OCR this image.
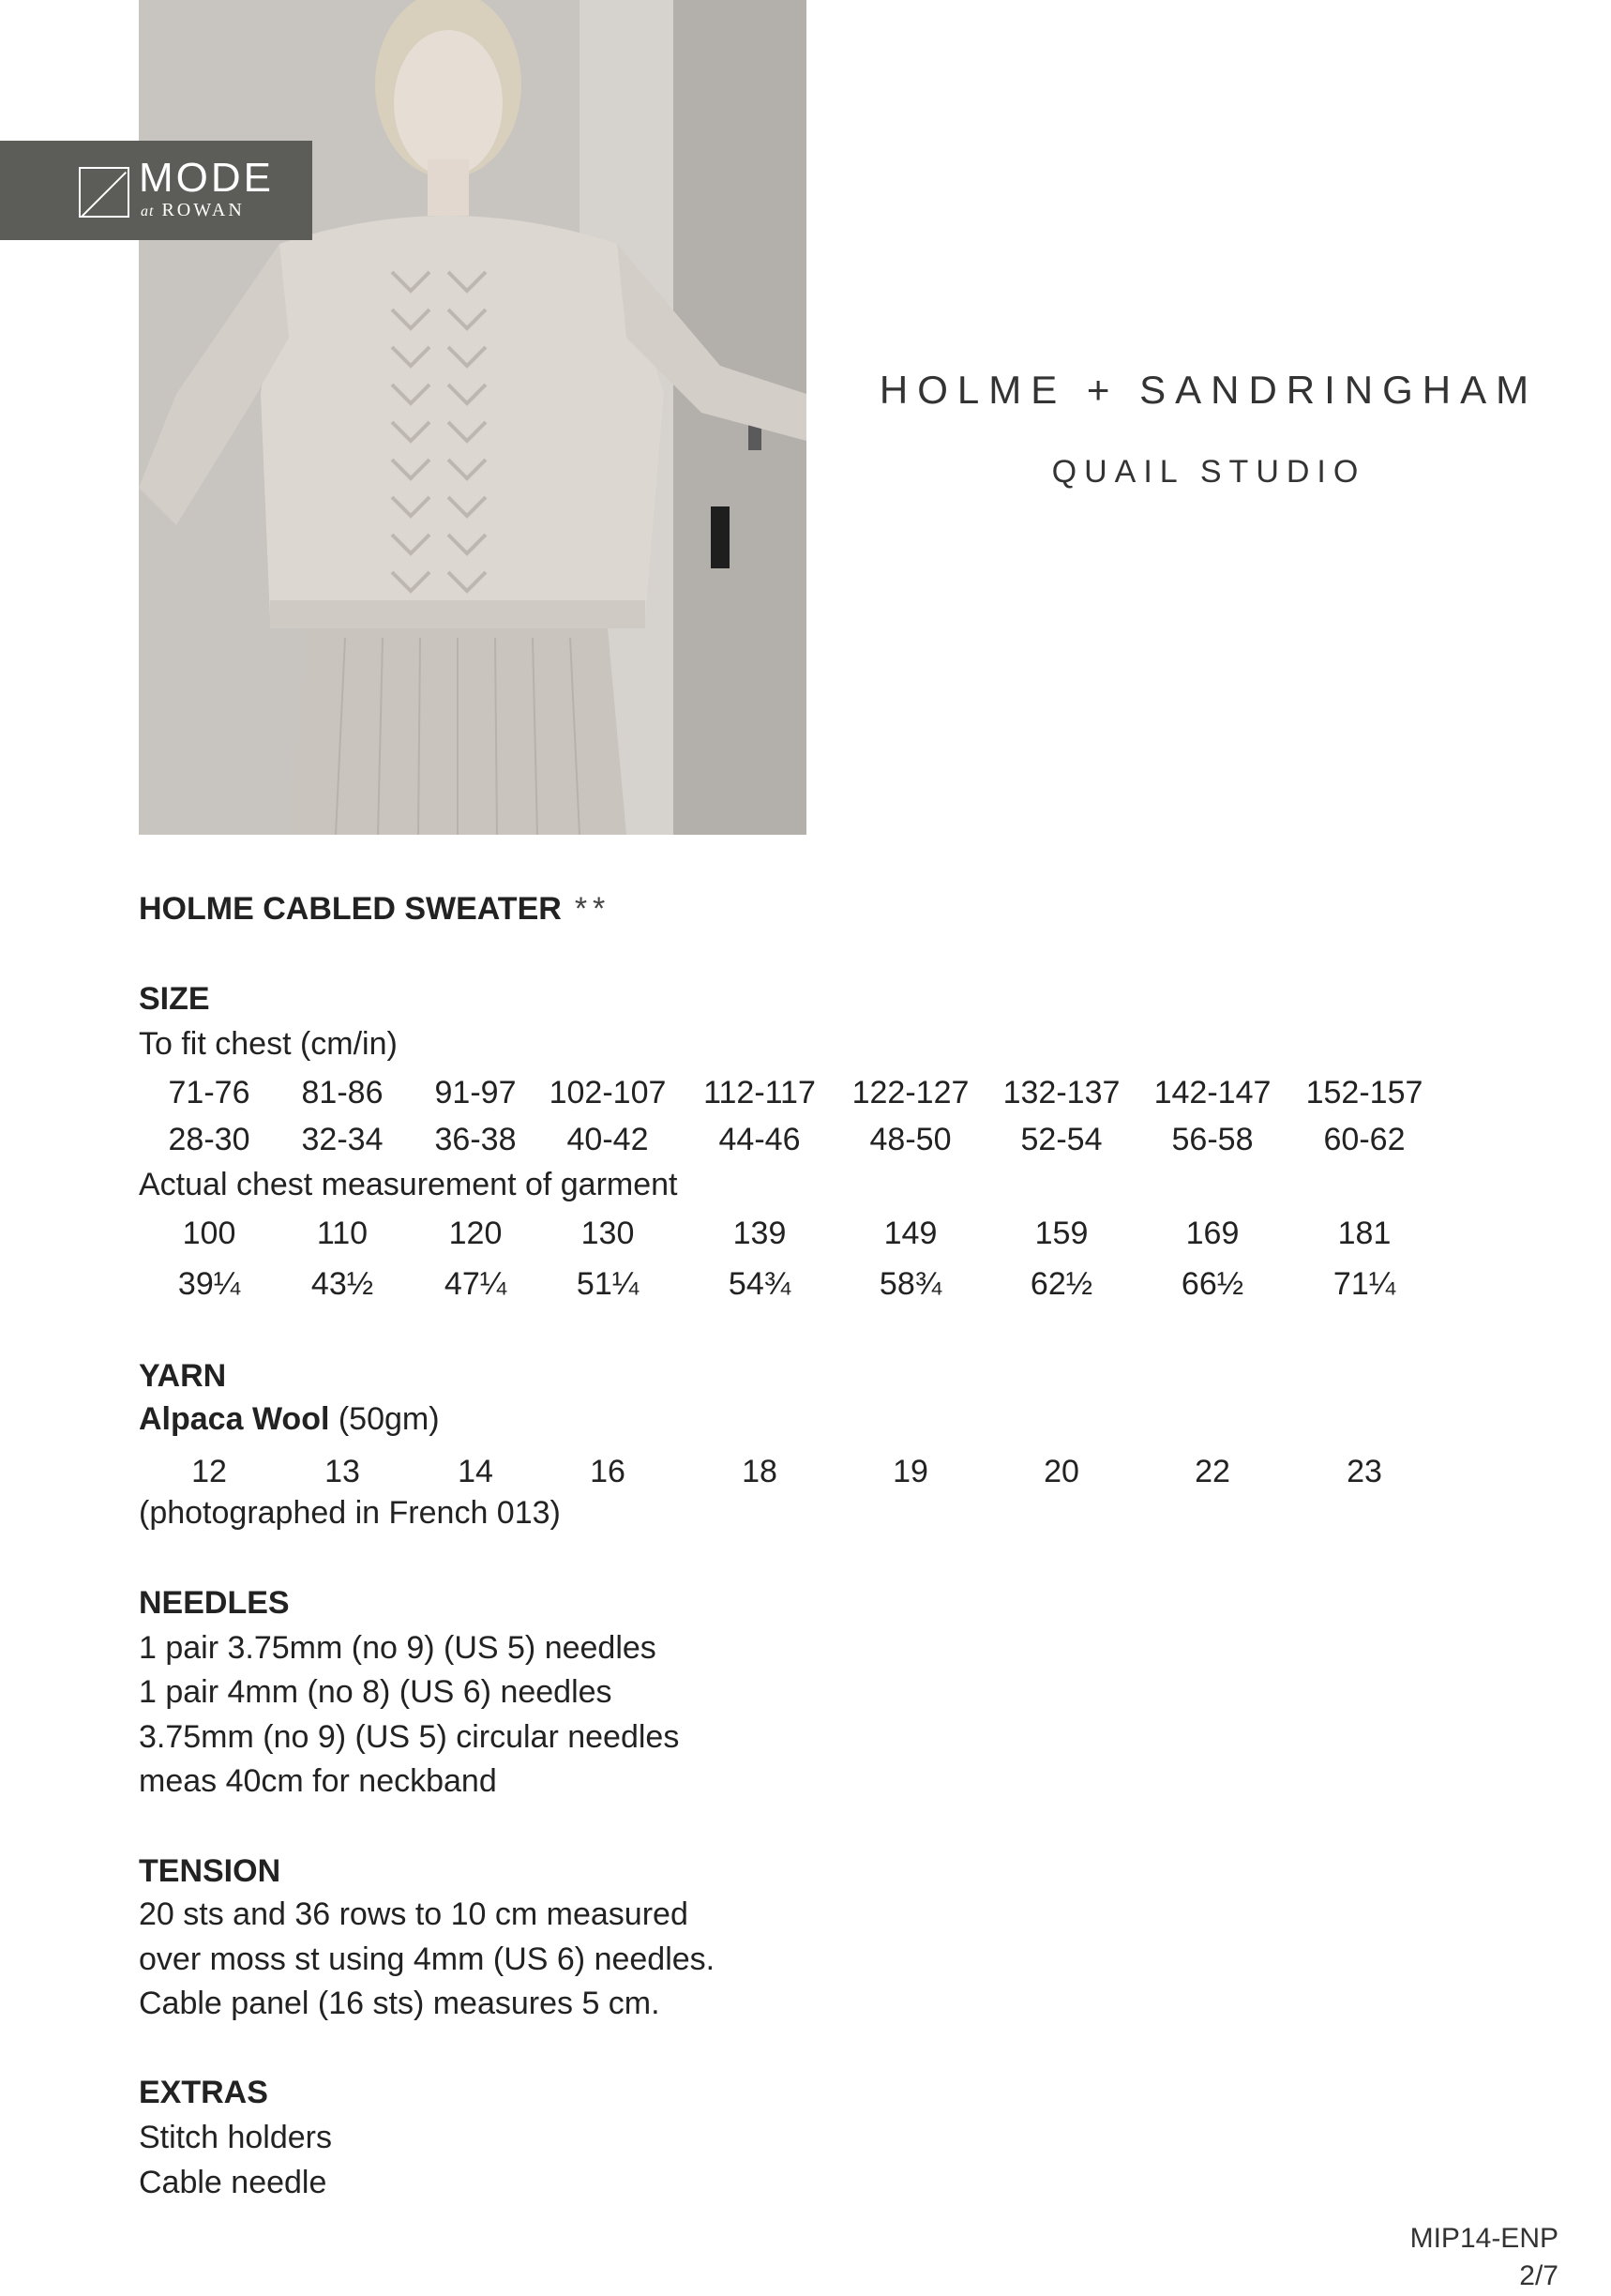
MODE
at ROWAN
HOLME + SANDRINGHAM
QUAIL STUDIO
HOLME CABLED SWEATER **
SIZE
To fit chest (cm/in)
71-76 81-86 91-97 102-107 112-117 122-127 132-137 142-147 152-157
28-30 32-34 36-38 40-42 44-46 48-50 52-54 56-58 60-62
Actual chest measurement of garment
100	110	120 130	139	149	159	169	181
39¼ 43½ 47¼ 51¼	54¾	58¾	62½	66½	71¼
YARN
Alpaca Wool (50gm)
12	13	14	16	18	19	20	22	23
(photographed in French 013)
NEEDLES
1 pair 3.75mm (no 9) (US 5) needles
1 pair 4mm (no 8) (US 6) needles
3.75mm (no 9) (US 5) circular needles
meas 40cm for neckband
TENSION
20 sts and 36 rows to 10 cm measured
over moss st using 4mm (US 6) needles.
Cable panel (16 sts) measures 5 cm.
EXTRAS
Stitch holders
Cable needle
MIP14-ENP
2/7
